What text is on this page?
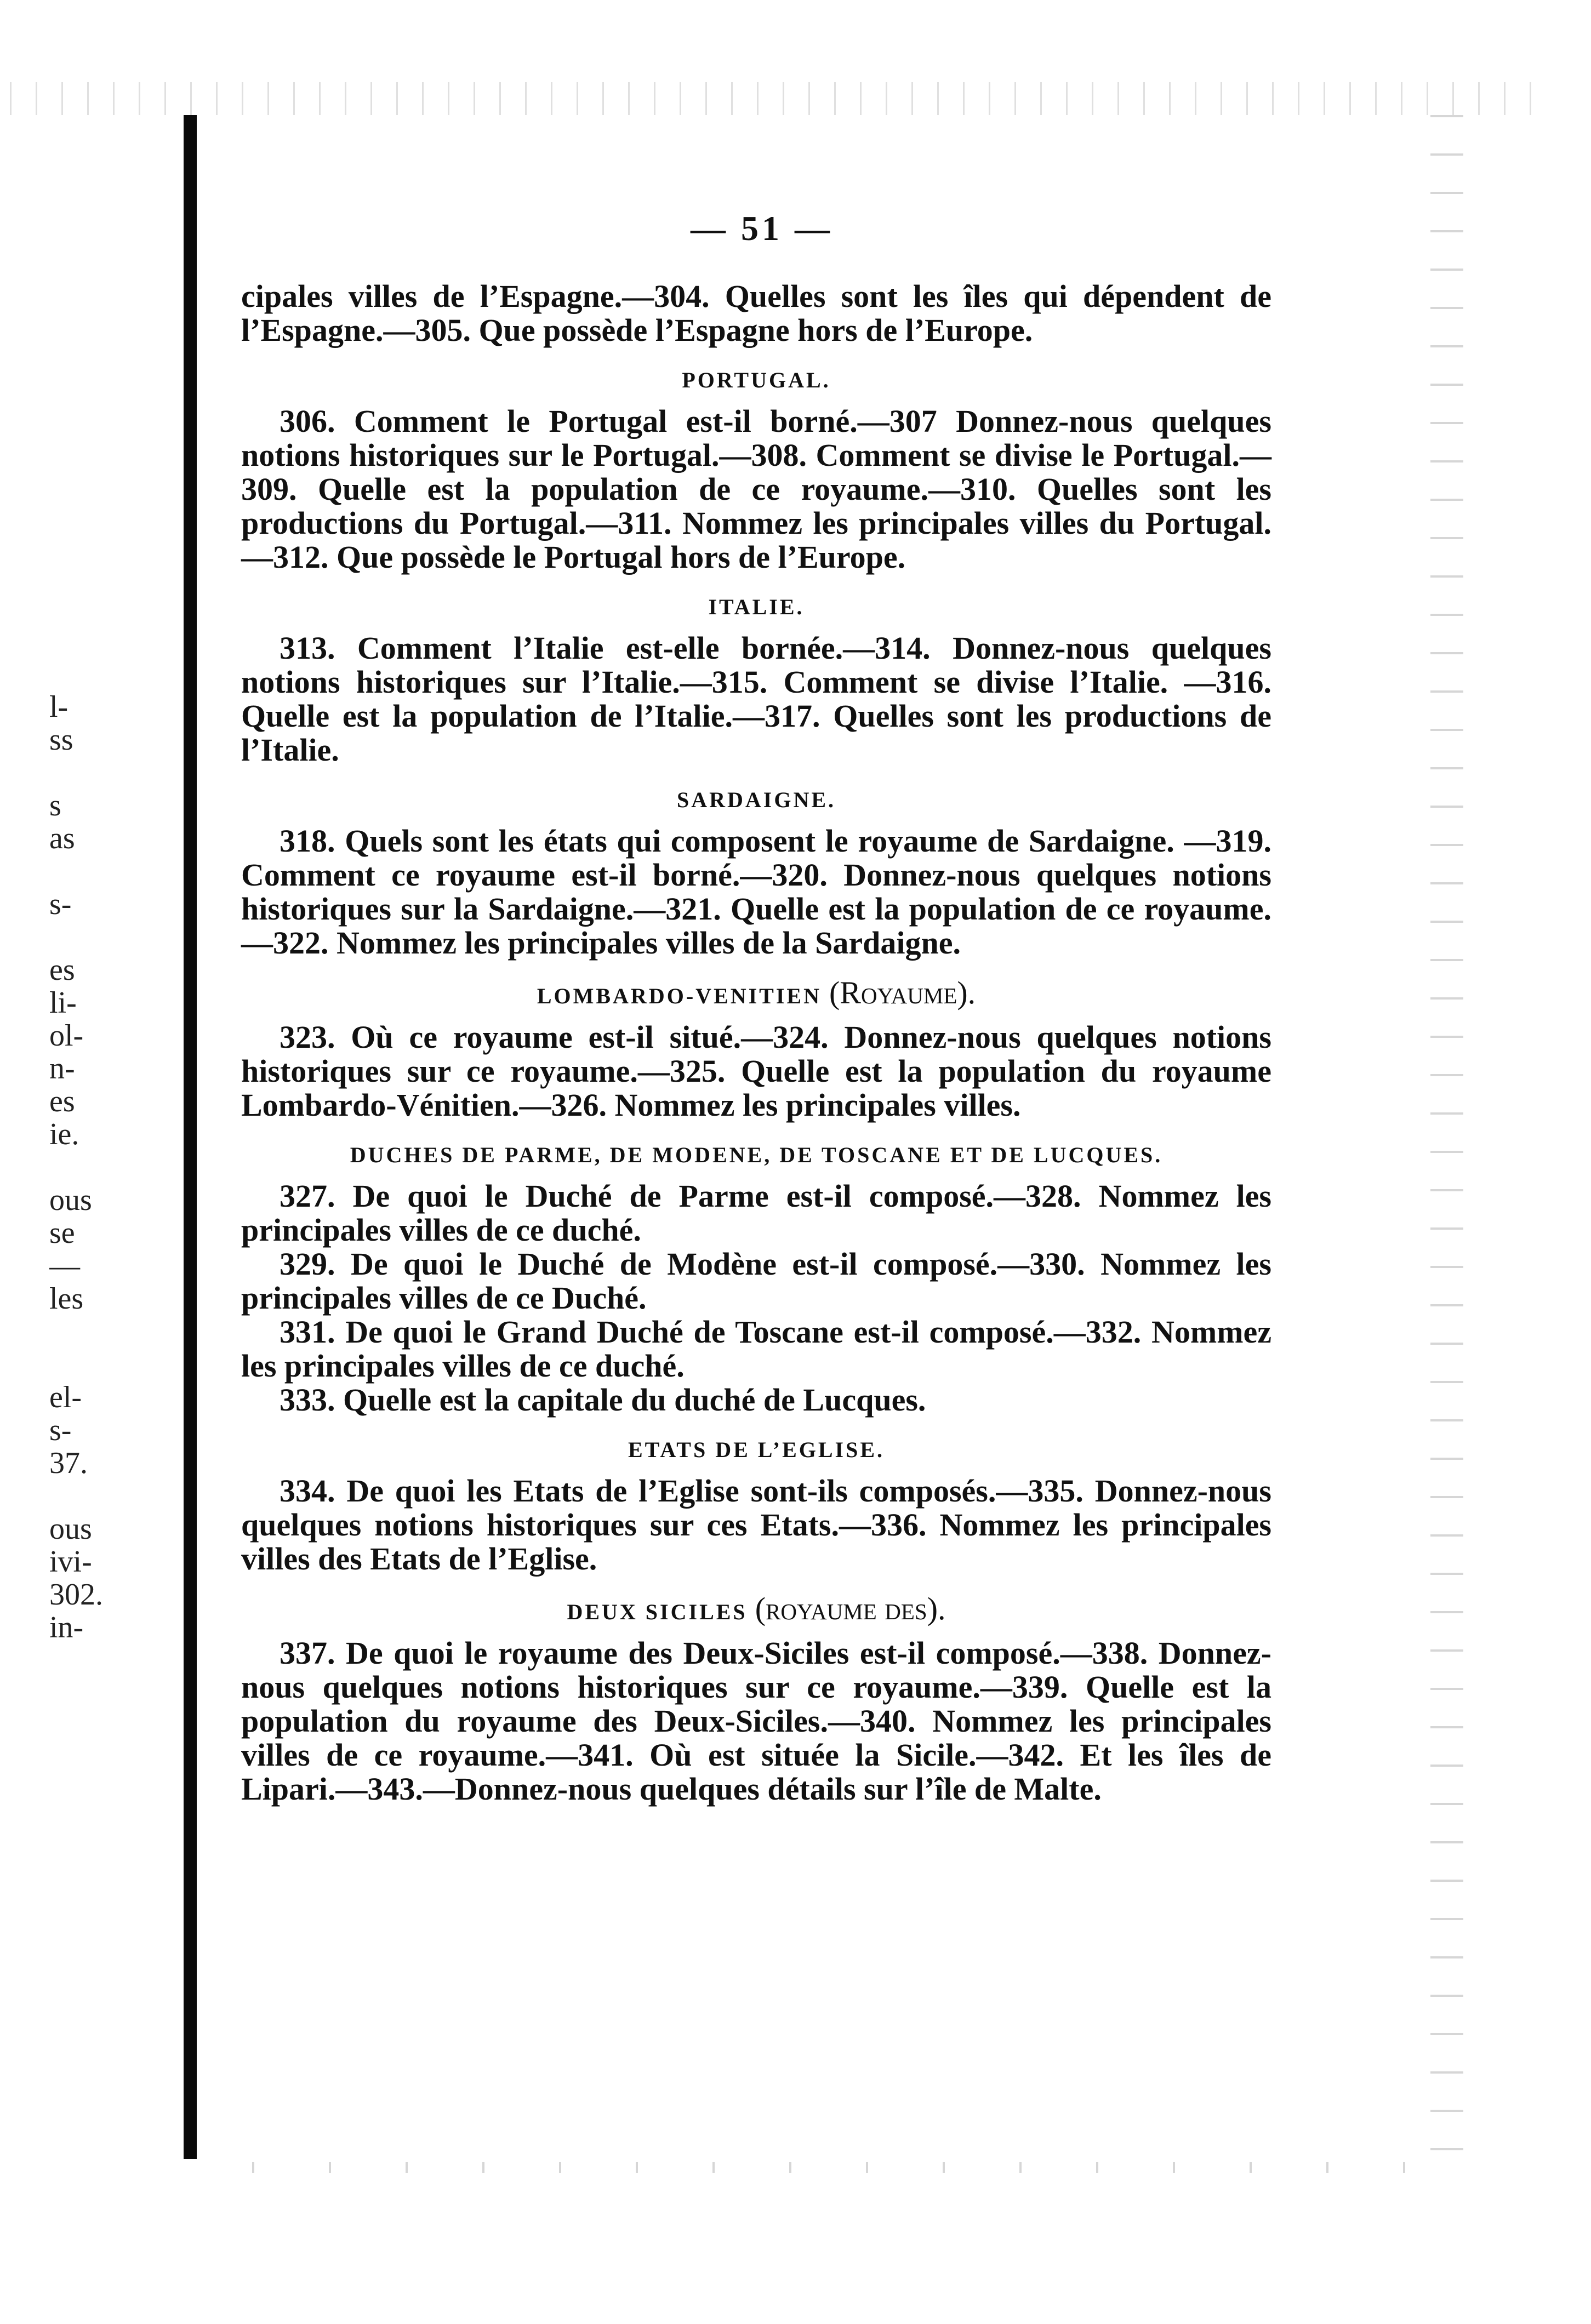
l-
ss
s
as
s-
es
li-
ol-
n-
es
ie.
ous
se
—
les
el-
s-
37.
ous
ivi-
302.
in-
— 51 —

cipales villes de l’Espagne.—304. Quelles sont les îles qui dépendent de l’Espagne.—305. Que possède l’Espagne hors de l’Europe.

PORTUGAL.

306. Comment le Portugal est-il borné.—307 Donnez-nous quelques notions historiques sur le Portugal.—308. Comment se divise le Portugal.—309. Quelle est la population de ce royaume.—310. Quelles sont les productions du Portugal.—311. Nommez les principales villes du Portugal.—312. Que possède le Portugal hors de l’Europe.

ITALIE.

313. Comment l’Italie est-elle bornée.—314. Donnez-nous quelques notions historiques sur l’Italie.—315. Comment se divise l’Italie. —316. Quelle est la population de l’Italie.—317. Quelles sont les productions de l’Italie.

SARDAIGNE.

318. Quels sont les états qui composent le royaume de Sardaigne. —319. Comment ce royaume est-il borné.—320. Donnez-nous quelques notions historiques sur la Sardaigne.—321. Quelle est la population de ce royaume.—322. Nommez les principales villes de la Sardaigne.

LOMBARDO-VENITIEN (Royaume).

323. Où ce royaume est-il situé.—324. Donnez-nous quelques notions historiques sur ce royaume.—325. Quelle est la population du royaume Lombardo-Vénitien.—326. Nommez les principales villes.

DUCHES DE PARME, DE MODENE, DE TOSCANE ET DE LUCQUES.

327. De quoi le Duché de Parme est-il composé.—328. Nommez les principales villes de ce duché.

329. De quoi le Duché de Modène est-il composé.—330. Nommez les principales villes de ce Duché.

331. De quoi le Grand Duché de Toscane est-il composé.—332. Nommez les principales villes de ce duché.

333. Quelle est la capitale du duché de Lucques.

ETATS DE L’EGLISE.

334. De quoi les Etats de l’Eglise sont-ils composés.—335. Donnez-nous quelques notions historiques sur ces Etats.—336. Nommez les principales villes des Etats de l’Eglise.

DEUX SICILES (royaume des).

337. De quoi le royaume des Deux-Siciles est-il composé.—338. Donnez-nous quelques notions historiques sur ce royaume.—339. Quelle est la population du royaume des Deux-Siciles.—340. Nommez les principales villes de ce royaume.—341. Où est située la Sicile.—342. Et les îles de Lipari.—343.—Donnez-nous quelques détails sur l’île de Malte.
